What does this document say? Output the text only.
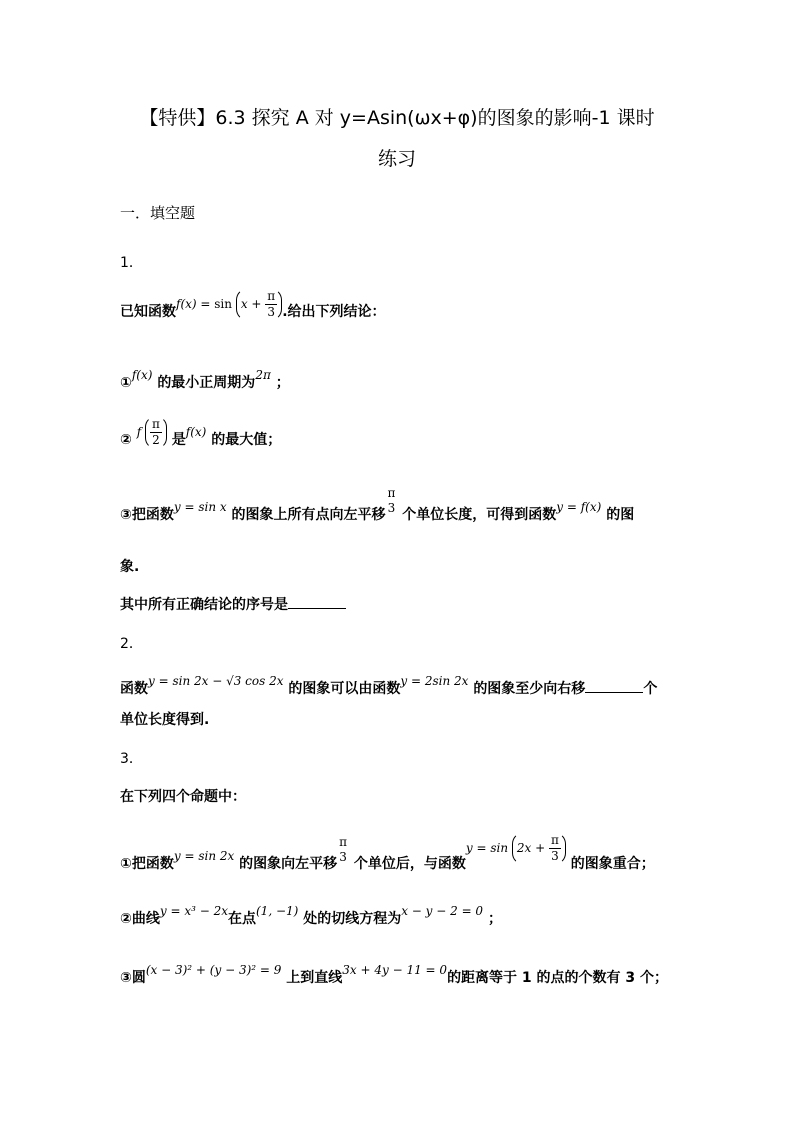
【特供】6.3 探究 A 对 y=Asin(ωx+φ)的图象的影响-1 课时
练习
一．填空题
1．
已知函数$f(x) = \sin x + \frac{\pi}{3}$ .给出下列结论：
①f(x) 的最小正周期为2π ；
② f $\frac{\pi}{2}$ 是f(x) 的最大值；
③把函数y = sin x 的图象上所有点向左平移
π
3 个单位长度，可得到函数y = f(x) 的图
象.
其中所有正确结论的序号是
2．
函数y = sin 2x − √3 cos 2x 的图象可以由函数y = 2sin 2x 的图象至少向右移	个
单位长度得到.
3．
在下列四个命题中：
①把函数y = sin 2x 的图象向左平移
π
3 个单位后，与函数$y = \sin 2x + \frac{\pi}{3}$ 的图象重合；
②曲线y = x³ − 2x在点(1, −1) 处的切线方程为x − y − 2 = 0 ；
③圆(x − 3)² + (y − 3)² = 9 上到直线3x + 4y − 11 = 0的距离等于 1 的点的个数有 3 个；
